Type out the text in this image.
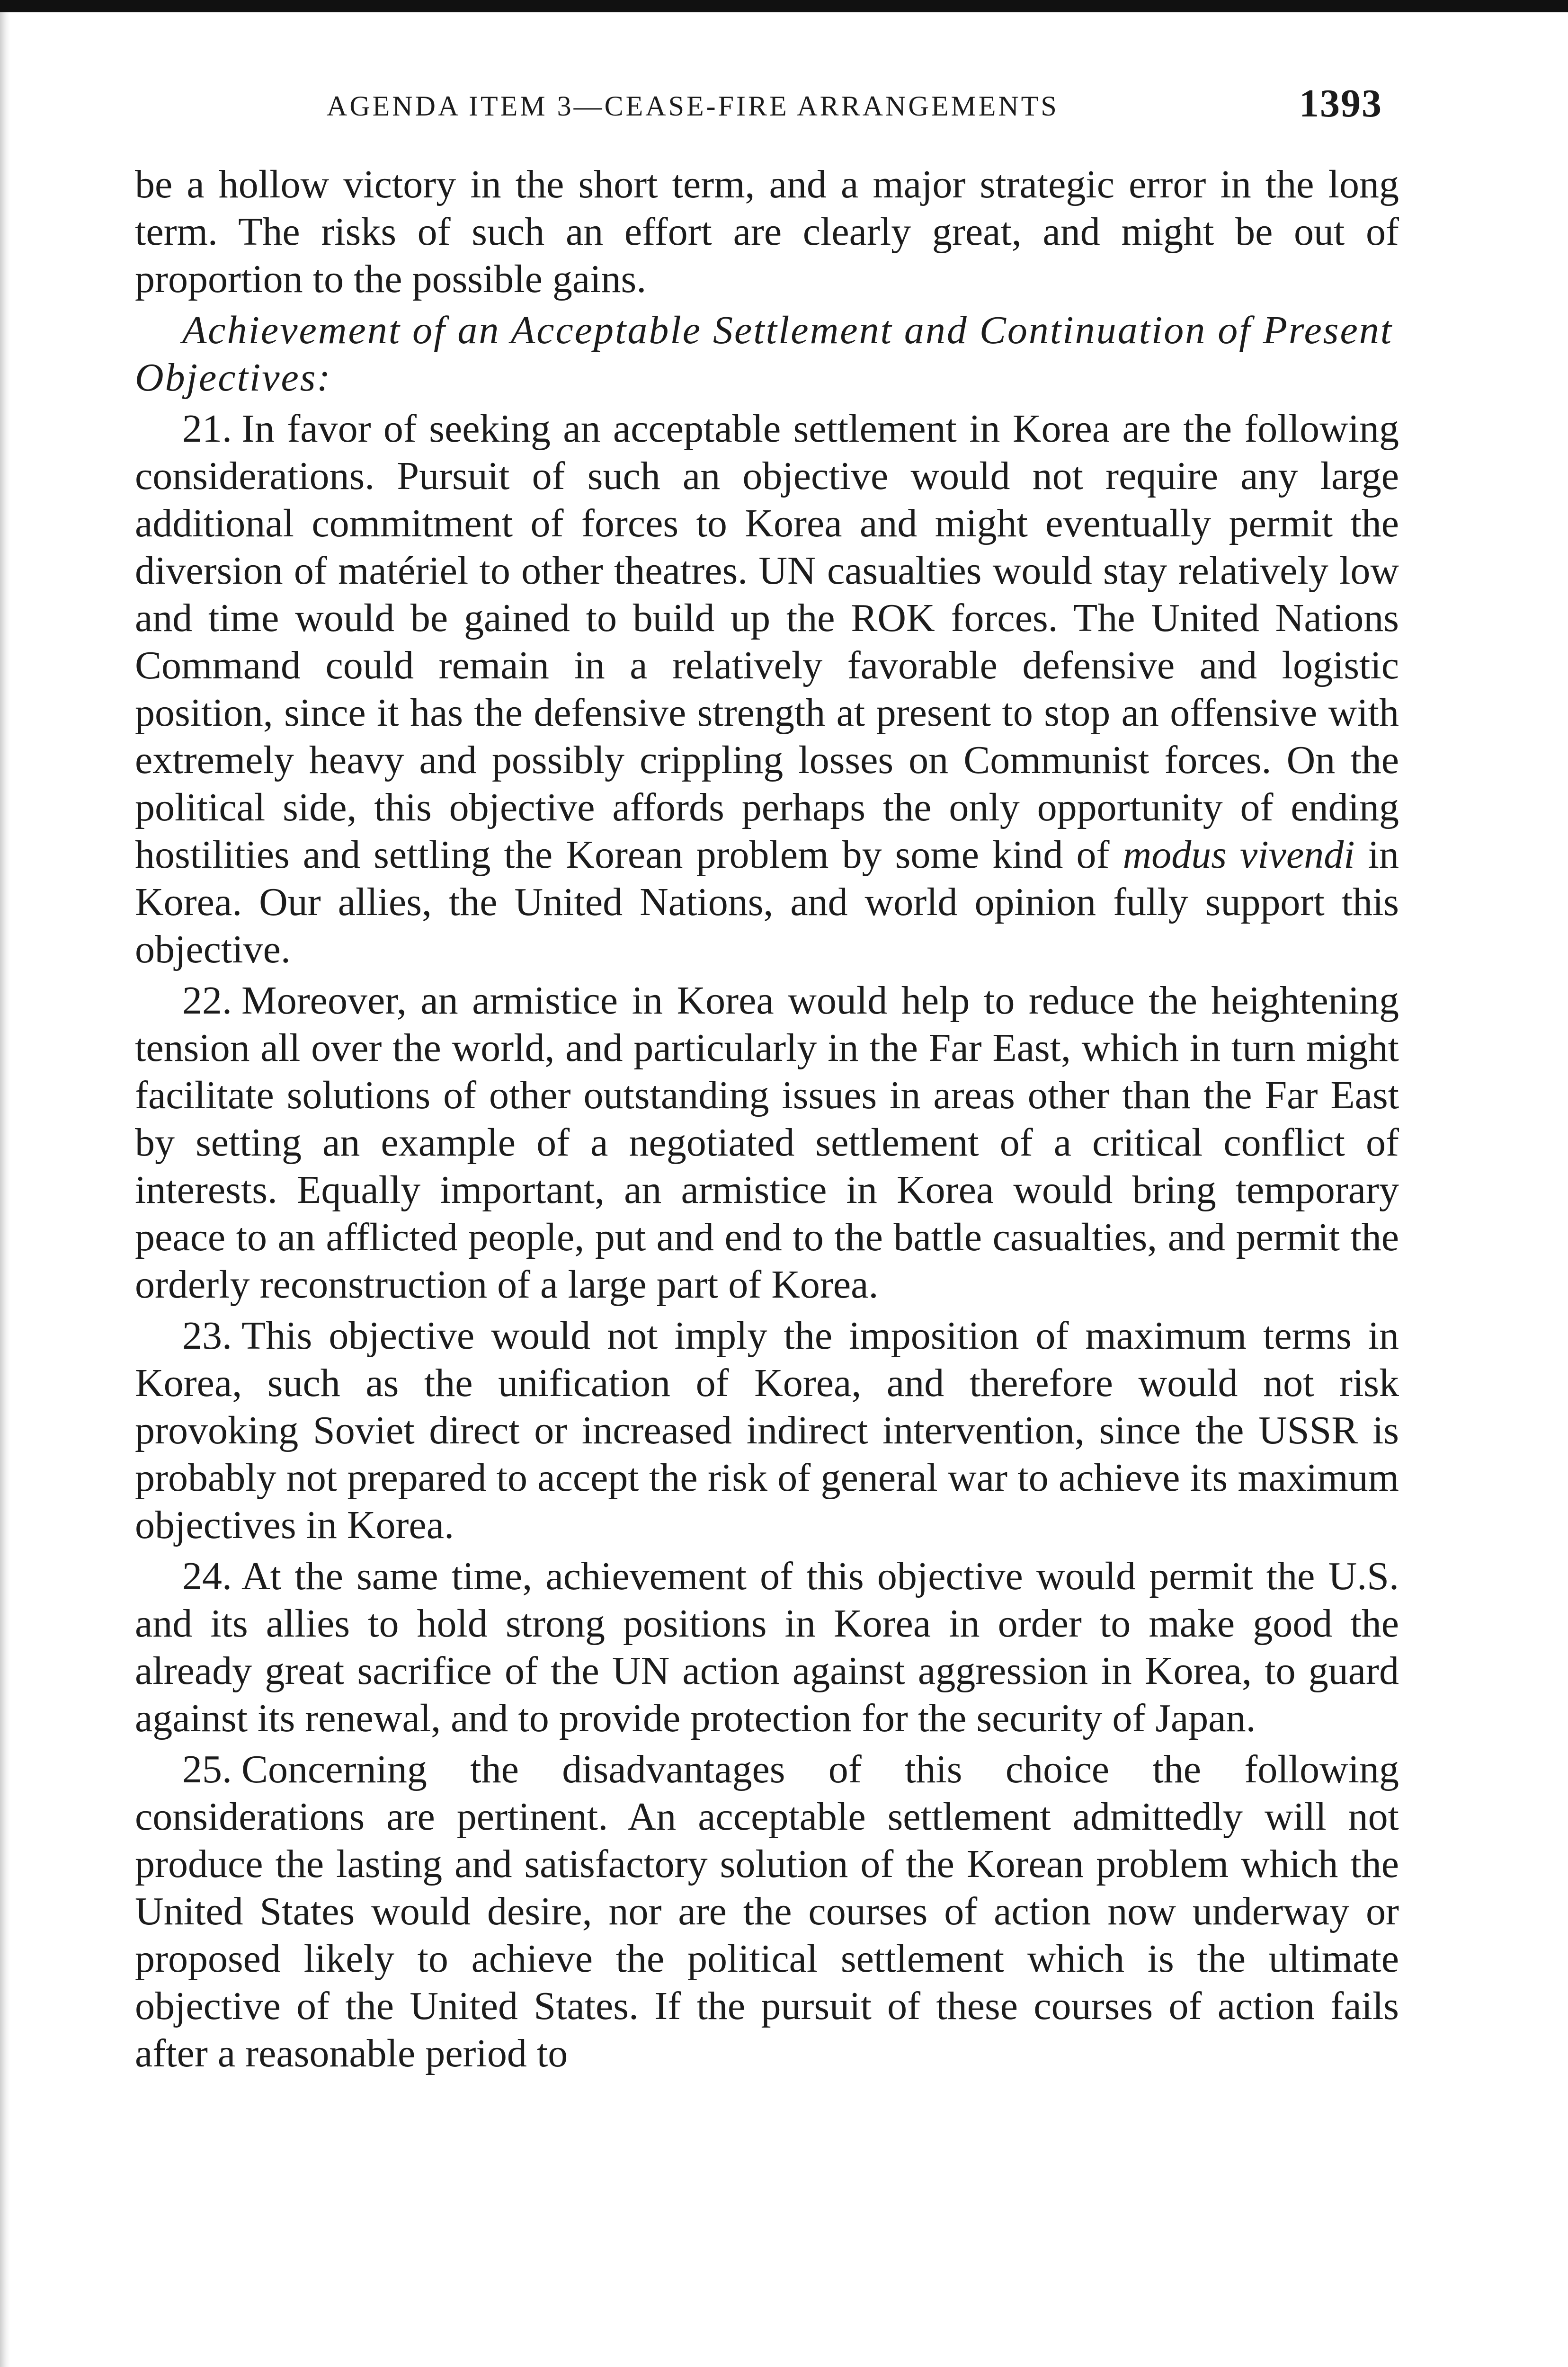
AGENDA ITEM 3—CEASE-FIRE ARRANGEMENTS	1393

be a hollow victory in the short term, and a major strategic error in the long term. The risks of such an effort are clearly great, and might be out of proportion to the possible gains.

Achievement of an Acceptable Settlement and Continuation of Present Objectives:

21. In favor of seeking an acceptable settlement in Korea are the following considerations. Pursuit of such an objective would not require any large additional commitment of forces to Korea and might eventually permit the diversion of matériel to other theatres. UN casualties would stay relatively low and time would be gained to build up the ROK forces. The United Nations Command could remain in a relatively favorable defensive and logistic position, since it has the defensive strength at present to stop an offensive with extremely heavy and possibly crippling losses on Communist forces. On the political side, this objective affords perhaps the only opportunity of ending hostilities and settling the Korean problem by some kind of modus vivendi in Korea. Our allies, the United Nations, and world opinion fully support this objective.

22. Moreover, an armistice in Korea would help to reduce the heightening tension all over the world, and particularly in the Far East, which in turn might facilitate solutions of other outstanding issues in areas other than the Far East by setting an example of a negotiated settlement of a critical conflict of interests. Equally important, an armistice in Korea would bring temporary peace to an afflicted people, put and end to the battle casualties, and permit the orderly reconstruction of a large part of Korea.

23. This objective would not imply the imposition of maximum terms in Korea, such as the unification of Korea, and therefore would not risk provoking Soviet direct or increased indirect intervention, since the USSR is probably not prepared to accept the risk of general war to achieve its maximum objectives in Korea.

24. At the same time, achievement of this objective would permit the U.S. and its allies to hold strong positions in Korea in order to make good the already great sacrifice of the UN action against aggression in Korea, to guard against its renewal, and to provide protection for the security of Japan.

25. Concerning the disadvantages of this choice the following considerations are pertinent. An acceptable settlement admittedly will not produce the lasting and satisfactory solution of the Korean problem which the United States would desire, nor are the courses of action now underway or proposed likely to achieve the political settlement which is the ultimate objective of the United States. If the pursuit of these courses of action fails after a reasonable period to
